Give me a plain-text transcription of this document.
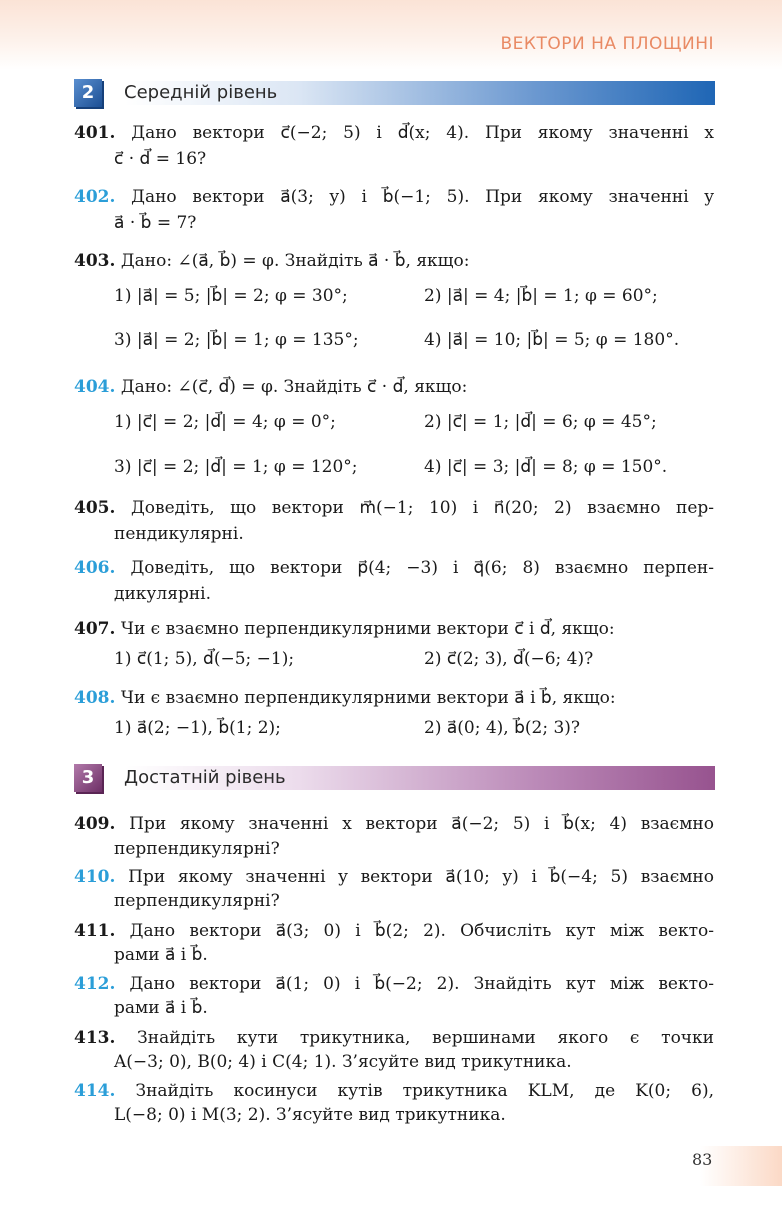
ВЕКТОРИ НА ПЛОЩИНІ
2	Середній рівень
3	Достатній рівень
401. Дано вектори c⃗(−2; 5) і d⃗(x; 4). При якому значенні x
c⃗ · d⃗ = 16?
402. Дано вектори a⃗(3; y) і b⃗(−1; 5). При якому значенні y
a⃗ · b⃗ = 7?
403. Дано: ∠(a⃗, b⃗) = φ. Знайдіть a⃗ · b⃗, якщо:
1) |a⃗| = 5; |b⃗| = 2; φ = 30°;	2) |a⃗| = 4; |b⃗| = 1; φ = 60°;
3) |a⃗| = 2; |b⃗| = 1; φ = 135°;	4) |a⃗| = 10; |b⃗| = 5; φ = 180°.
404. Дано: ∠(c⃗, d⃗) = φ. Знайдіть c⃗ · d⃗, якщо:
1) |c⃗| = 2; |d⃗| = 4; φ = 0°;	2) |c⃗| = 1; |d⃗| = 6; φ = 45°;
3) |c⃗| = 2; |d⃗| = 1; φ = 120°;	4) |c⃗| = 3; |d⃗| = 8; φ = 150°.
405. Доведіть, що вектори m⃗(−1; 10) і n⃗(20; 2) взаємно пер-
пендикулярні.
406. Доведіть, що вектори p⃗(4; −3) і q⃗(6; 8) взаємно перпен-
дикулярні.
407. Чи є взаємно перпендикулярними вектори c⃗ і d⃗, якщо:
1) c⃗(1; 5), d⃗(−5; −1);	2) c⃗(2; 3), d⃗(−6; 4)?
408. Чи є взаємно перпендикулярними вектори a⃗ і b⃗, якщо:
1) a⃗(2; −1), b⃗(1; 2);	2) a⃗(0; 4), b⃗(2; 3)?
409. При якому значенні x вектори a⃗(−2; 5) і b⃗(x; 4) взаємно
перпендикулярні?
410. При якому значенні y вектори a⃗(10; y) і b⃗(−4; 5) взаємно
перпендикулярні?
411. Дано вектори a⃗(3; 0) і b⃗(2; 2). Обчисліть кут між векто-
рами a⃗ і b⃗.
412. Дано вектори a⃗(1; 0) і b⃗(−2; 2). Знайдіть кут між векто-
рами a⃗ і b⃗.
413. Знайдіть кути трикутника, вершинами якого є точки
A(−3; 0), B(0; 4) і C(4; 1). З’ясуйте вид трикутника.
414. Знайдіть косинуси кутів трикутника KLM, де K(0; 6),
L(−8; 0) і M(3; 2). З’ясуйте вид трикутника.
83
